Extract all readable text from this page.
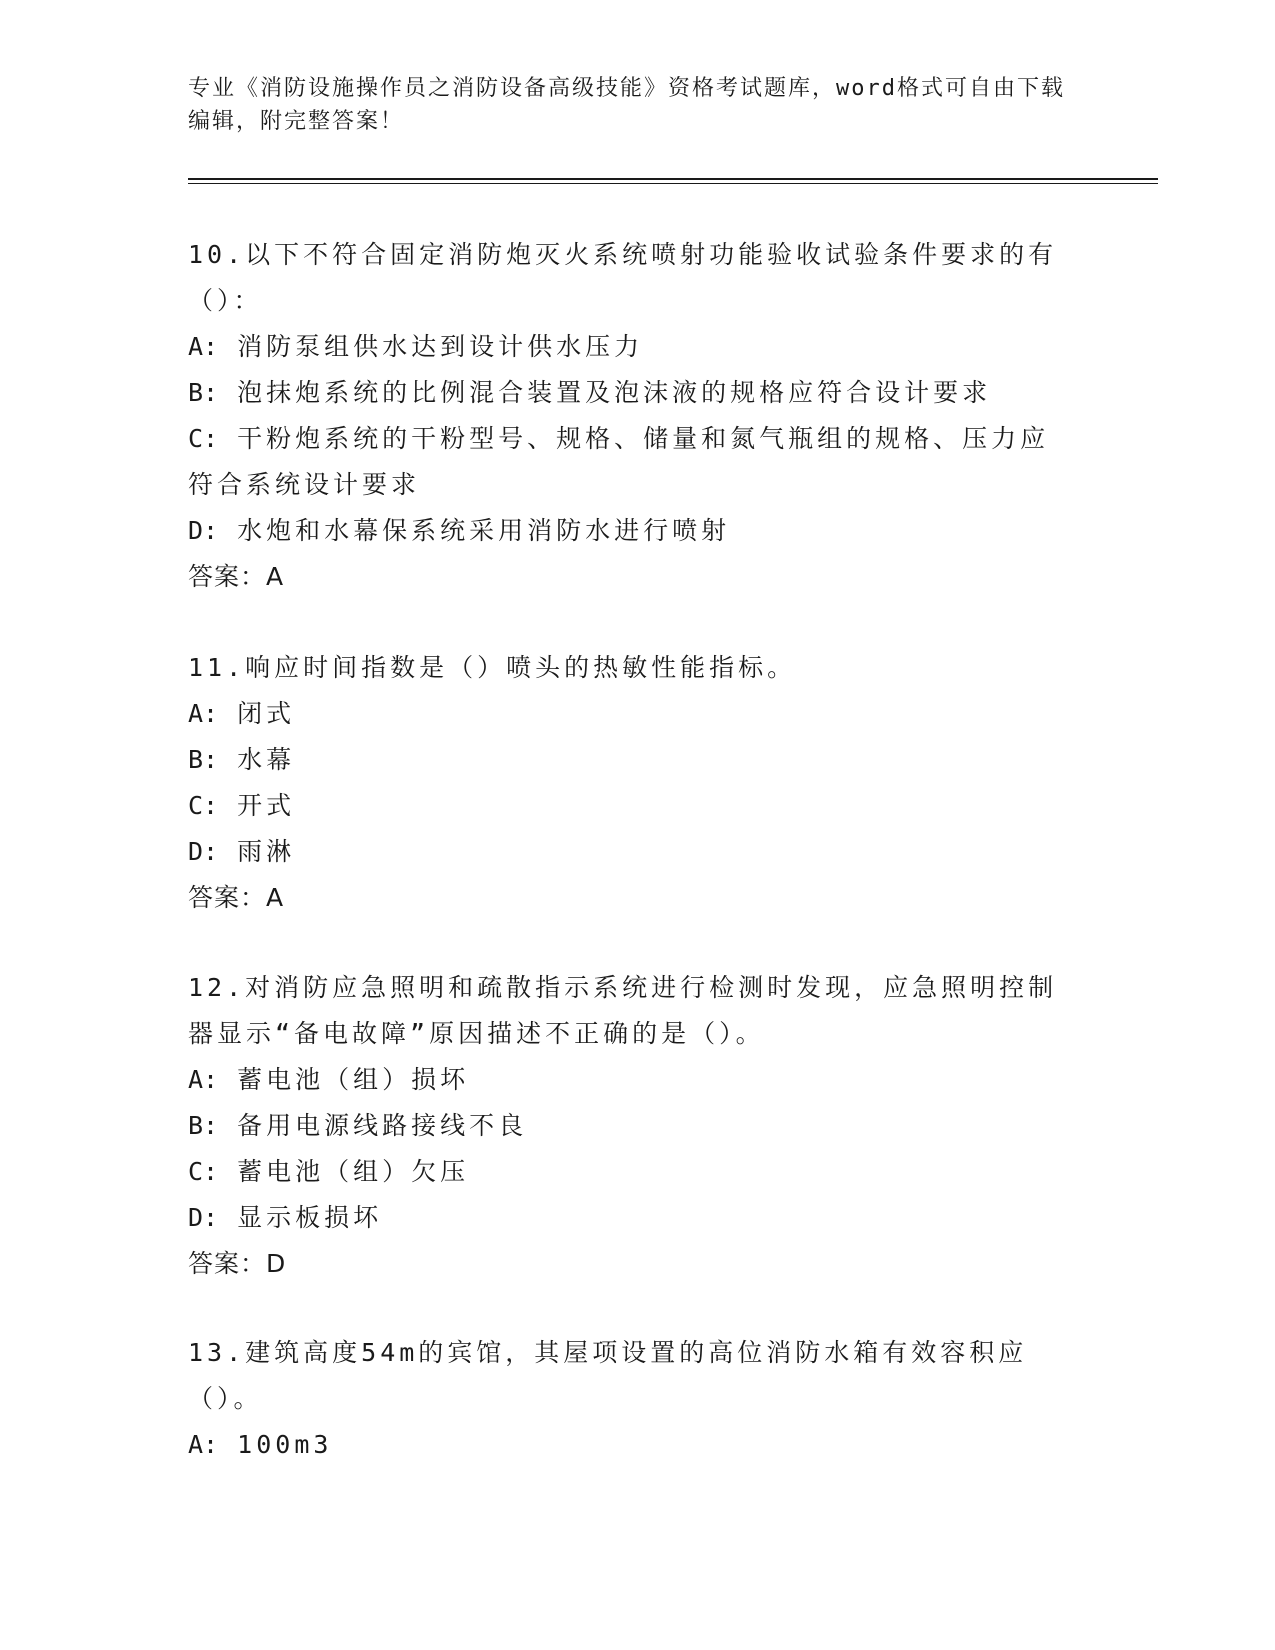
专业《消防设施操作员之消防设备高级技能》资格考试题库，word格式可自由下载编辑，附完整答案！

10.以下不符合固定消防炮灭火系统喷射功能验收试验条件要求的有（）：

A: 消防泵组供水达到设计供水压力

B: 泡抹炮系统的比例混合装置及泡沫液的规格应符合设计要求

C: 干粉炮系统的干粉型号、规格、储量和氮气瓶组的规格、压力应符合系统设计要求

D: 水炮和水幕保系统采用消防水进行喷射

答案：A

11.响应时间指数是（）喷头的热敏性能指标。

A: 闭式

B: 水幕

C: 开式

D: 雨淋

答案：A

12.对消防应急照明和疏散指示系统进行检测时发现，应急照明控制器显示“备电故障”原因描述不正确的是（）。

A: 蓄电池（组）损坏

B: 备用电源线路接线不良

C: 蓄电池（组）欠压

D: 显示板损坏

答案：D

13.建筑高度54m的宾馆，其屋项设置的高位消防水箱有效容积应（）。

A: 100m3
